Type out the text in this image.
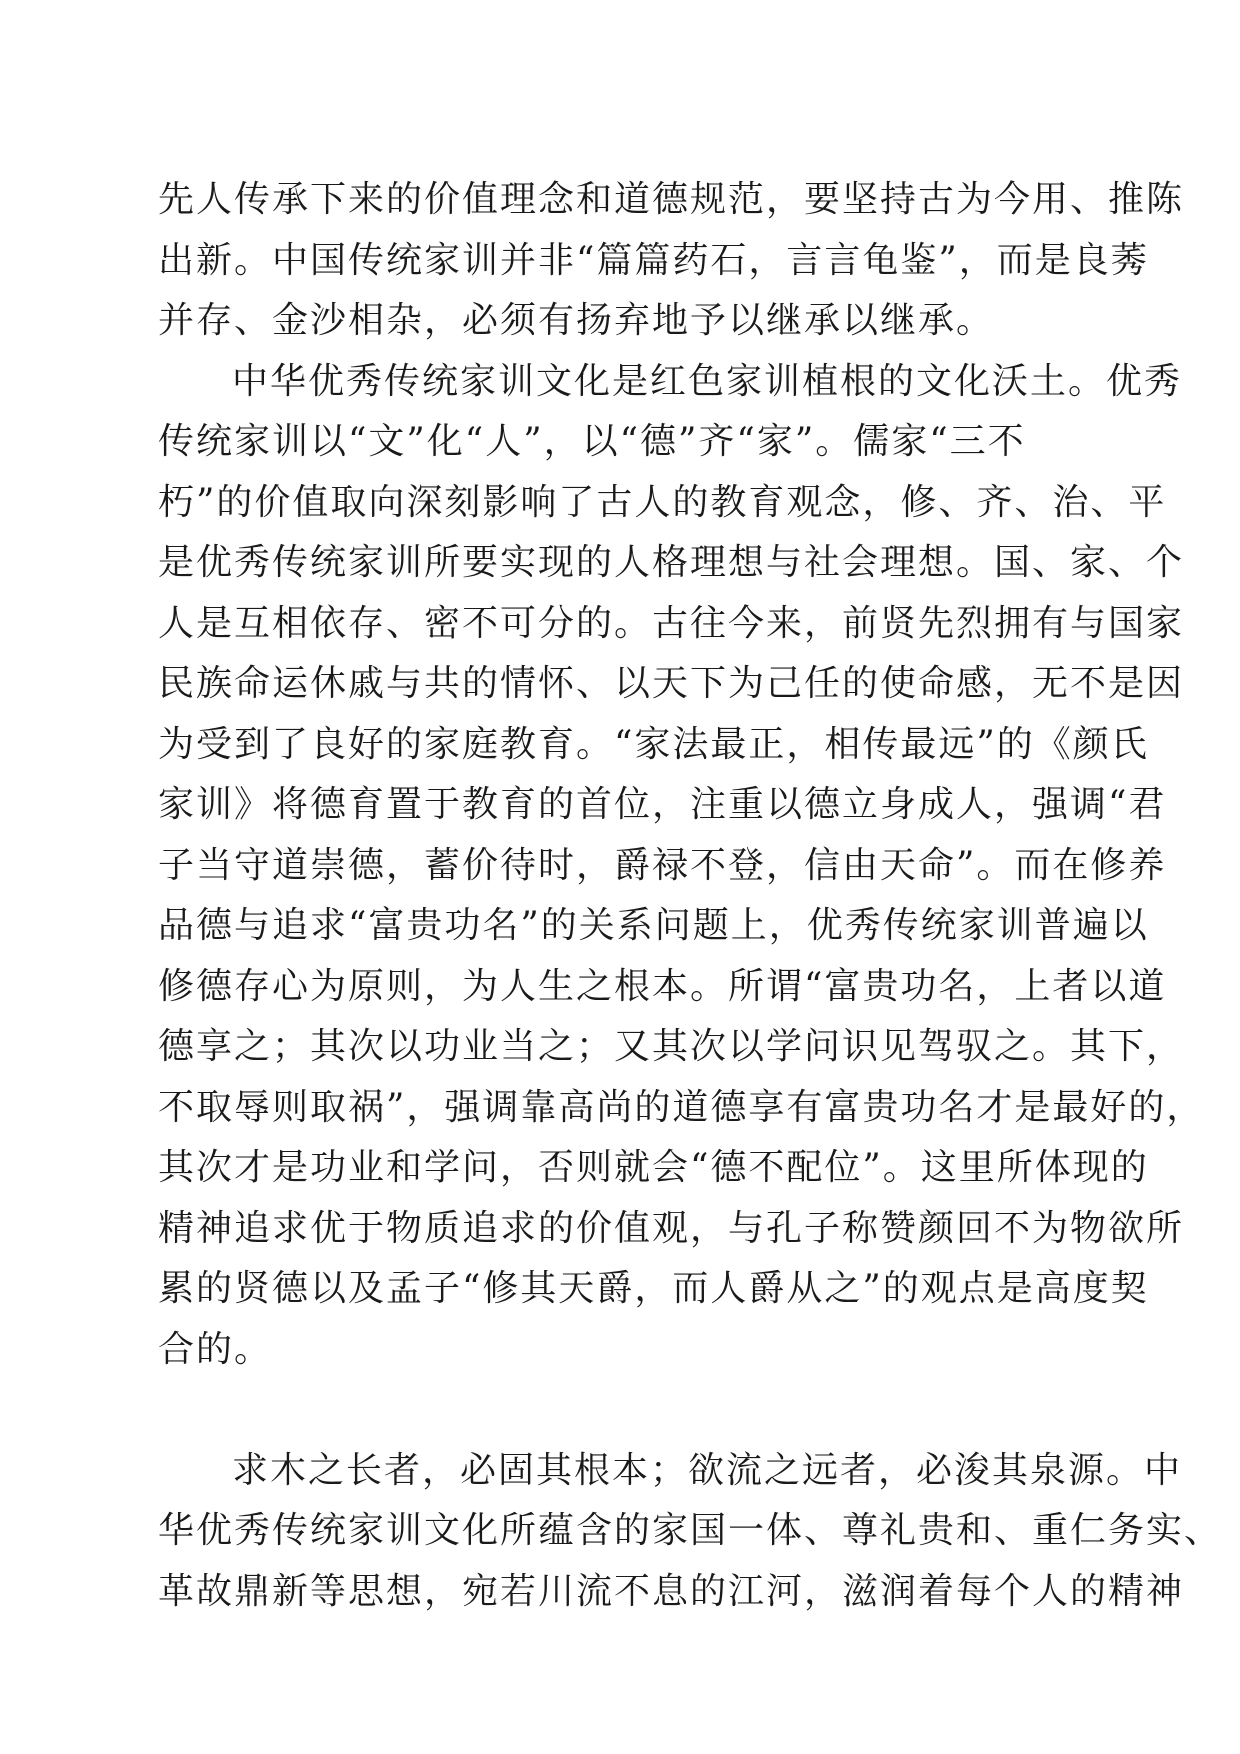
先人传承下来的价值理念和道德规范，要坚持古为今用、推陈
出新。中国传统家训并非“篇篇药石，言言龟鉴”，而是良莠
并存、金沙相杂，必须有扬弃地予以继承以继承。
中华优秀传统家训文化是红色家训植根的文化沃土。优秀
传统家训以“文”化“人”，以“德”齐“家”。儒家“三不
朽”的价值取向深刻影响了古人的教育观念，修、齐、治、平
是优秀传统家训所要实现的人格理想与社会理想。国、家、个
人是互相依存、密不可分的。古往今来，前贤先烈拥有与国家
民族命运休戚与共的情怀、以天下为己任的使命感，无不是因
为受到了良好的家庭教育。“家法最正，相传最远”的《颜氏
家训》将德育置于教育的首位，注重以德立身成人，强调“君
子当守道崇德，蓄价待时，爵禄不登，信由天命”。而在修养
品德与追求“富贵功名”的关系问题上，优秀传统家训普遍以
修德存心为原则，为人生之根本。所谓“富贵功名，上者以道
德享之；其次以功业当之；又其次以学问识见驾驭之。其下，
不取辱则取祸”，强调靠高尚的道德享有富贵功名才是最好的，
其次才是功业和学问，否则就会“德不配位”。这里所体现的
精神追求优于物质追求的价值观，与孔子称赞颜回不为物欲所
累的贤德以及孟子“修其天爵，而人爵从之”的观点是高度契
合的。
求木之长者，必固其根本；欲流之远者，必浚其泉源。中
华优秀传统家训文化所蕴含的家国一体、尊礼贵和、重仁务实、
革故鼎新等思想，宛若川流不息的江河，滋润着每个人的精神
